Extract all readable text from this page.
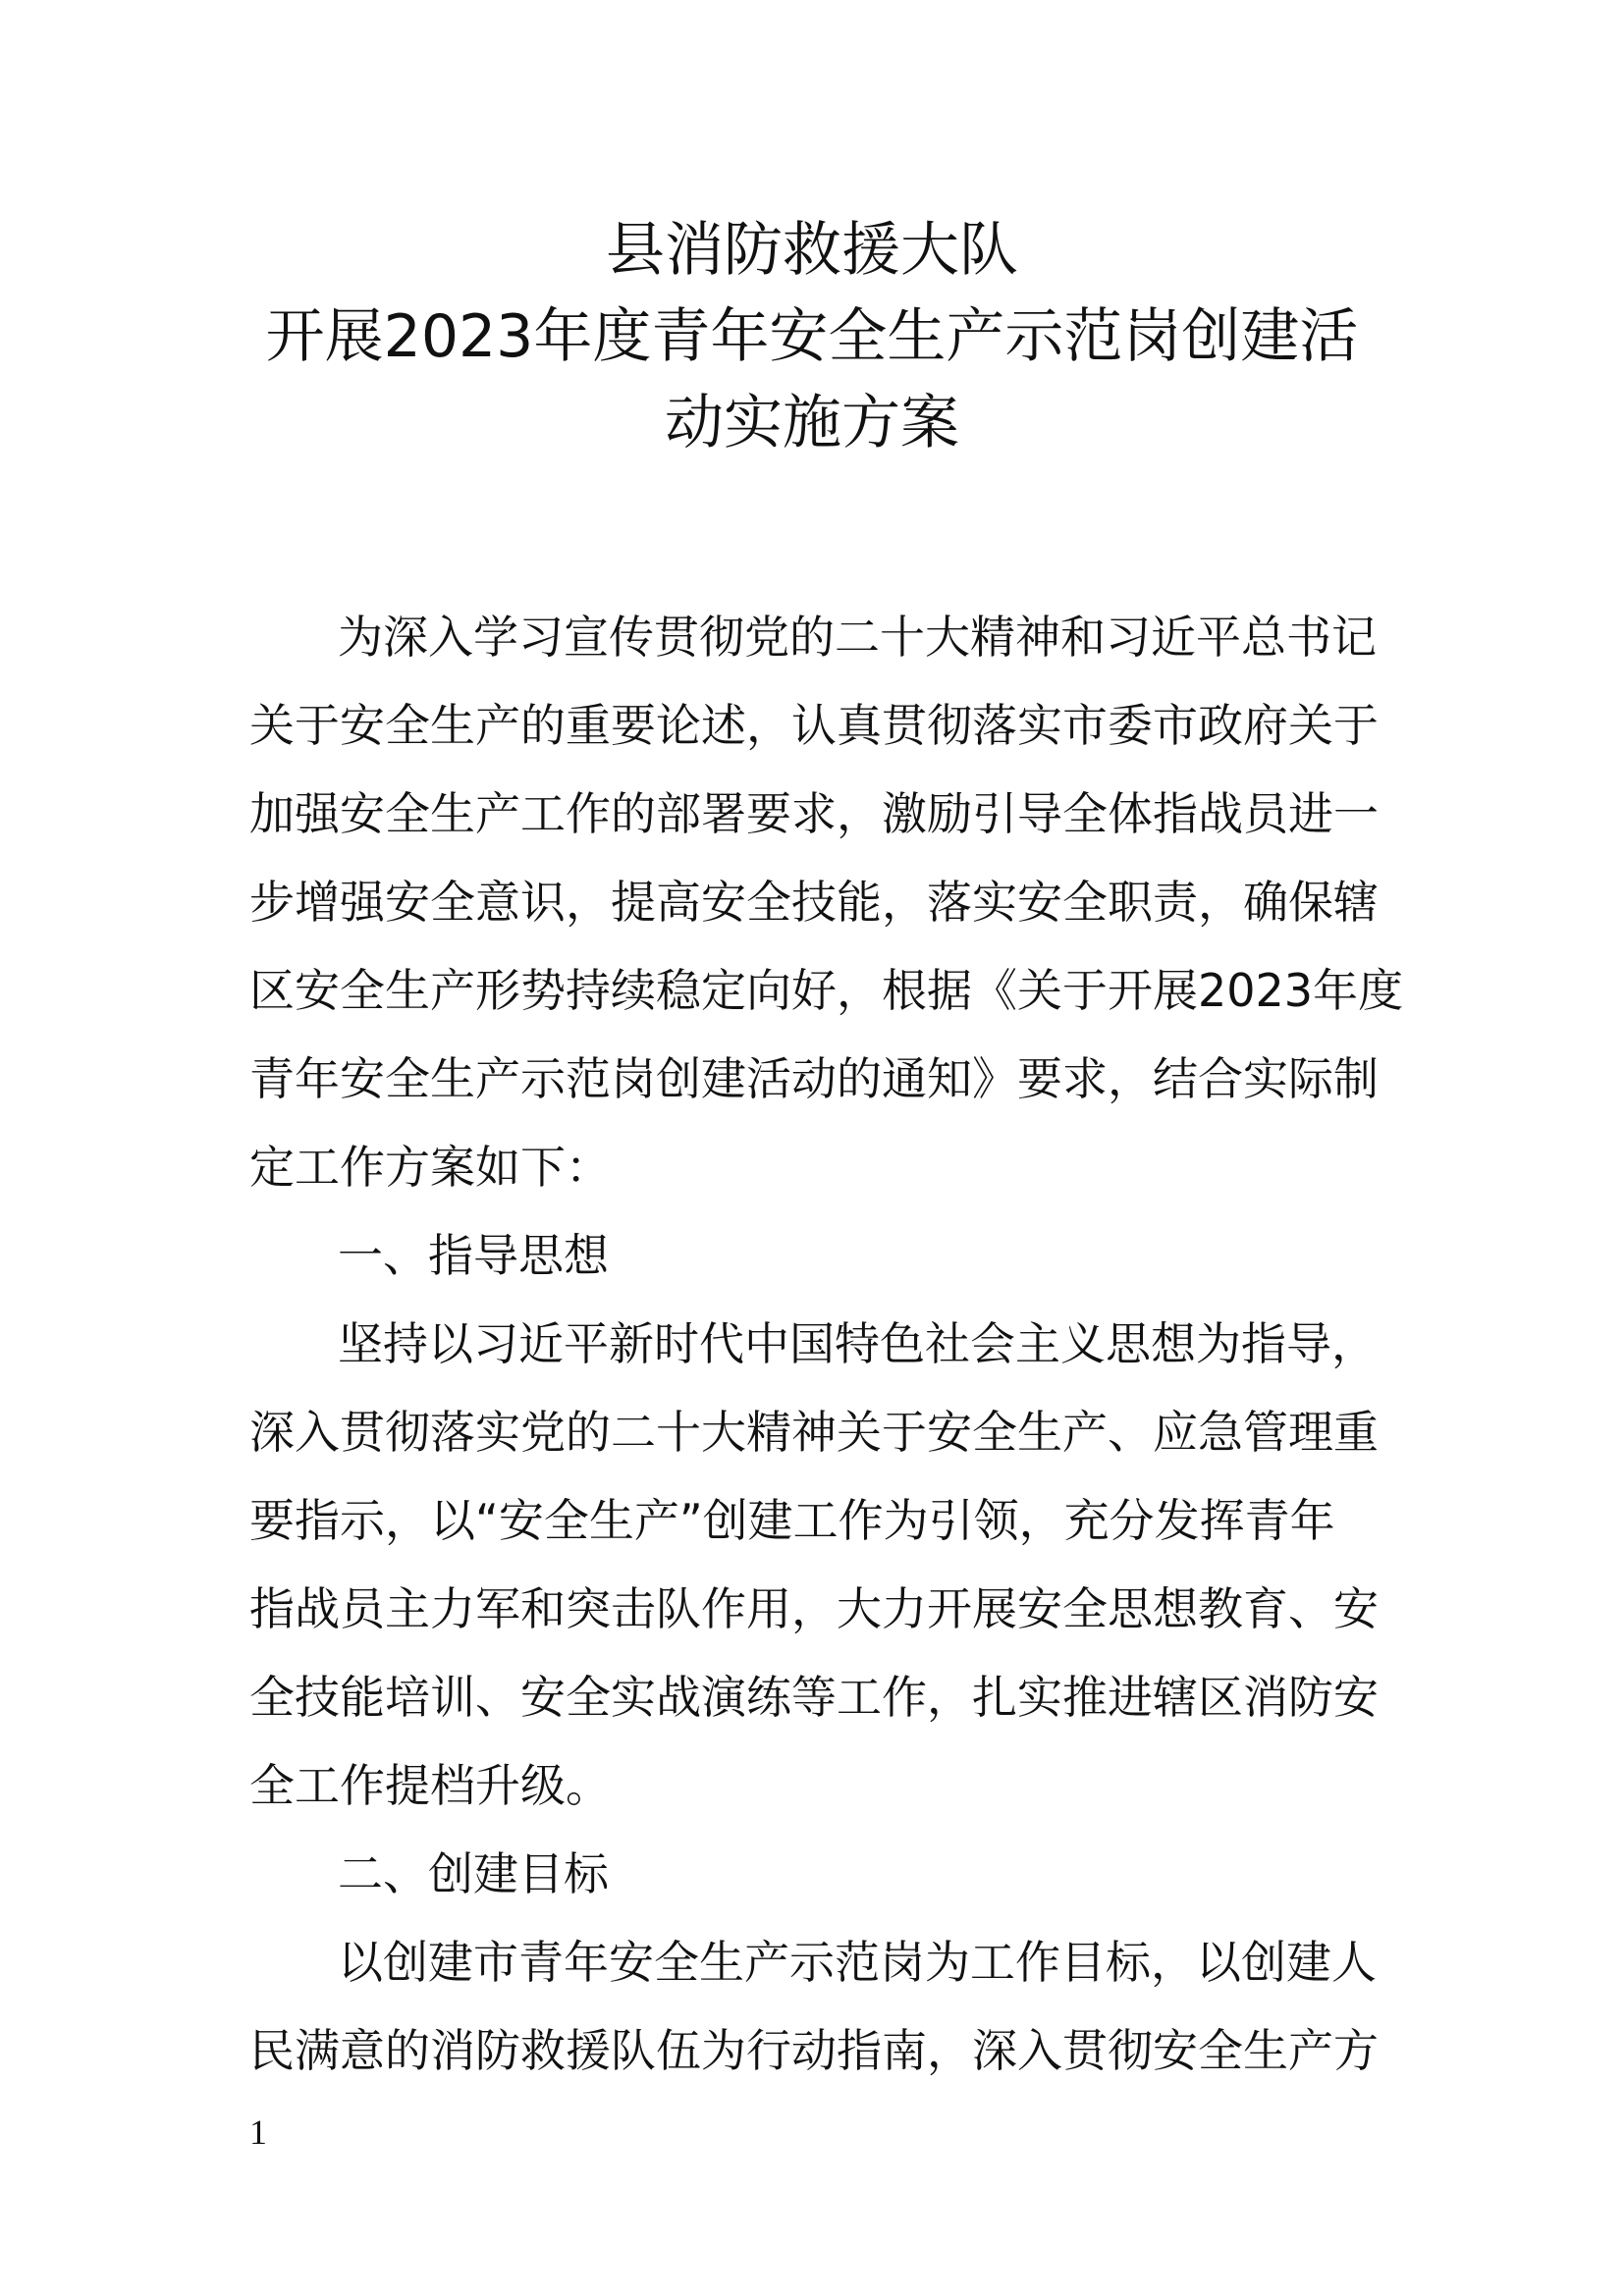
县消防救援大队
开展2023年度青年安全生产示范岗创建活
动实施方案
为深入学习宣传贯彻党的二十大精神和习近平总书记
关于安全生产的重要论述，认真贯彻落实市委市政府关于
加强安全生产工作的部署要求，激励引导全体指战员进一
步增强安全意识，提高安全技能，落实安全职责，确保辖
区安全生产形势持续稳定向好，根据《关于开展2023年度
青年安全生产示范岗创建活动的通知》要求，结合实际制
定工作方案如下：
一、指导思想
坚持以习近平新时代中国特色社会主义思想为指导，
深入贯彻落实党的二十大精神关于安全生产、应急管理重
要指示，以“安全生产”创建工作为引领，充分发挥青年
指战员主力军和突击队作用，大力开展安全思想教育、安
全技能培训、安全实战演练等工作，扎实推进辖区消防安
全工作提档升级。
二、创建目标
以创建市青年安全生产示范岗为工作目标，以创建人
民满意的消防救援队伍为行动指南，深入贯彻安全生产方
1
